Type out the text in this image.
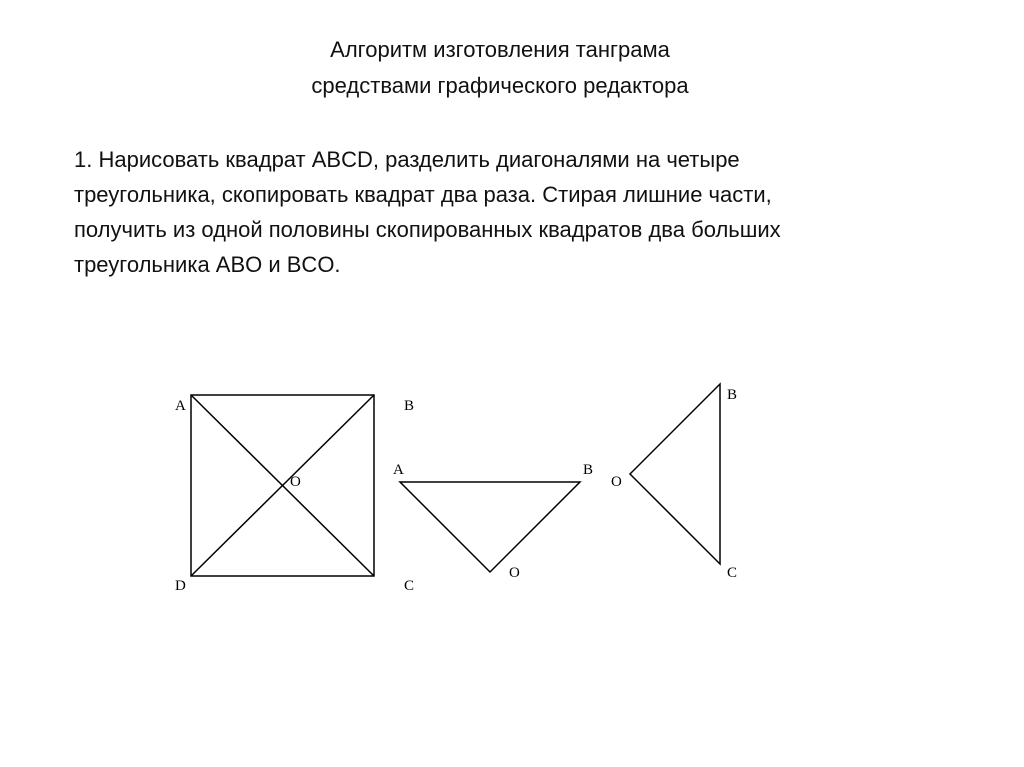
Алгоритм изготовления танграма
средствами графического редактора

1. Нарисовать квадрат ABCD, разделить диагоналями на четыре
треугольника, скопировать квадрат два раза. Стирая лишние части,
получить из одной половины скопированных квадратов два больших
треугольника ABO и BCO.

A	B
C
D
O
A	B
O
B
C
O
